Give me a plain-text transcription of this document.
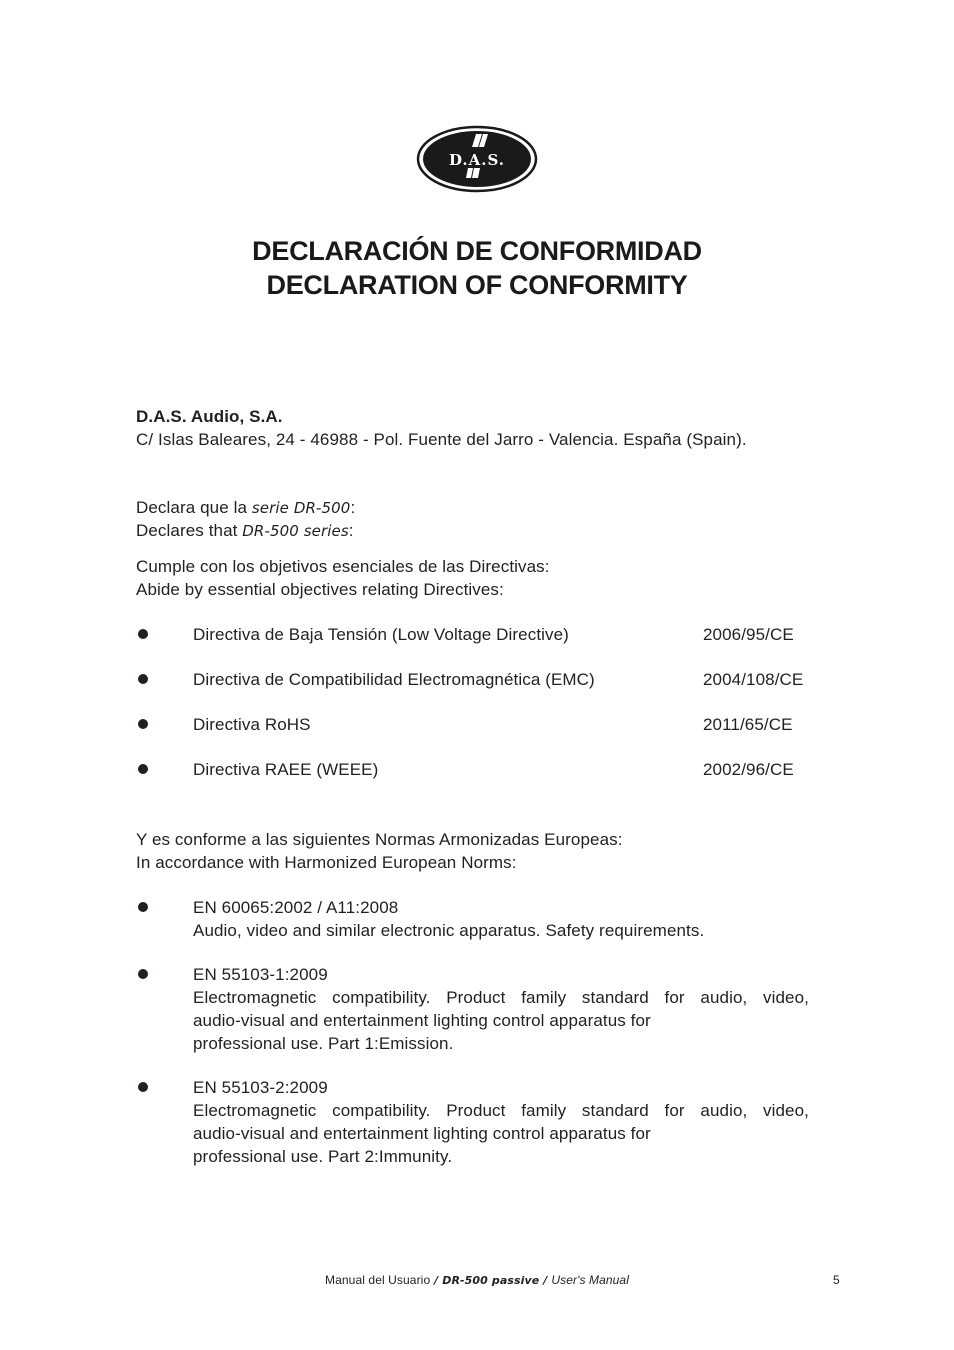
D.A.S.
DECLARACIÓN DE CONFORMIDAD
DECLARATION OF CONFORMITY
D.A.S. Audio, S.A.
C/ Islas Baleares, 24 - 46988 - Pol. Fuente del Jarro - Valencia. España (Spain).
Declara que la serie DR-500:
Declares that DR-500 series:
Cumple con los objetivos esenciales de las Directivas:
Abide by essential objectives relating Directives:
Directiva de Baja Tensión (Low Voltage Directive)	2006/95/CE
Directiva de Compatibilidad Electromagnética (EMC)	2004/108/CE
Directiva RoHS	2011/65/CE
Directiva RAEE (WEEE)	2002/96/CE
Y es conforme a las siguientes Normas Armonizadas Europeas:
In accordance with Harmonized European Norms:
EN 60065:2002 / A11:2008
Audio, video and similar electronic apparatus. Safety requirements.
EN 55103-1:2009
Electromagnetic compatibility. Product family standard for audio, video,
audio-visual and entertainment lighting control apparatus for
professional use. Part 1:Emission.
EN 55103-2:2009
Electromagnetic compatibility. Product family standard for audio, video,
audio-visual and entertainment lighting control apparatus for
professional use. Part 2:Immunity.
Manual del Usuario / DR-500 passive / User's Manual	5
